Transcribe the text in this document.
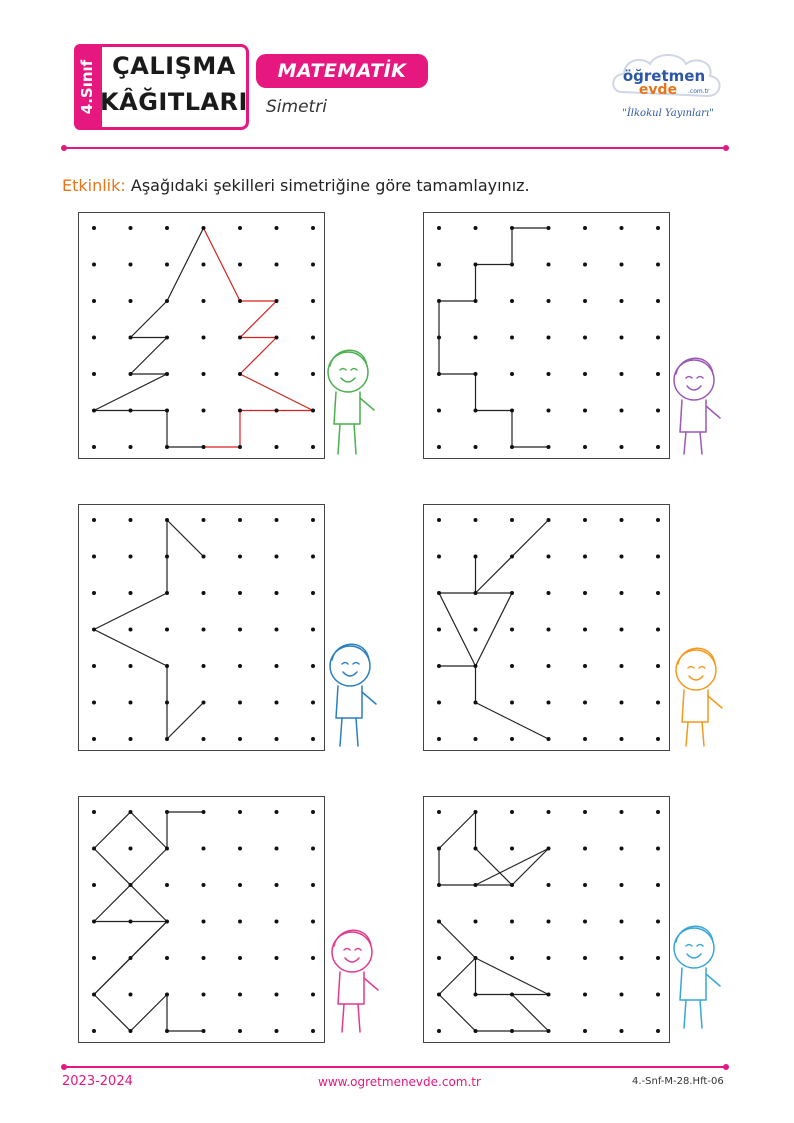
4.Sınıf ÇALIŞMA
KÂĞITLARI
MATEMATİK
Simetri
öğretmen
evde .com.tr
"İlkokul Yayınları"
Etkinlik: Aşağıdaki şekilleri simetriğine göre tamamlayınız.
2023-2024	www.ogretmenevde.com.tr	4.-Snf-M-28.Hft-06
